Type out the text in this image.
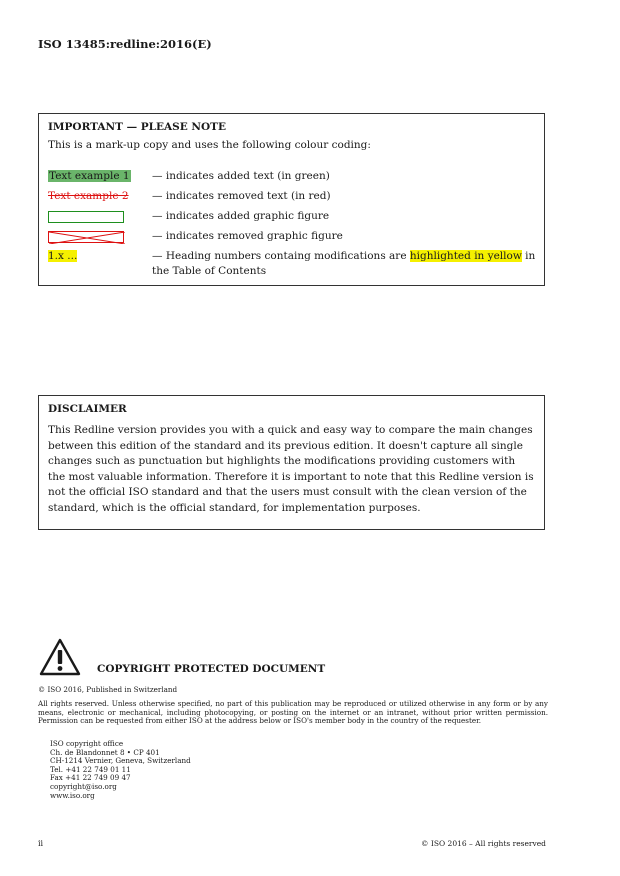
ISO 13485:redline:2016(E)
IMPORTANT — PLEASE NOTE
This is a mark-up copy and uses the following colour coding:
Text example 1 — indicates added text (in green)
Text example 2 — indicates removed text (in red)
— indicates added graphic figure
— indicates removed graphic figure
1.x ...	— Heading numbers containg modifications are highlighted in yellow in the Table of Contents
DISCLAIMER
This Redline version provides you with a quick and easy way to compare the main changes between this edition of the standard and its previous edition. It doesn't capture all single changes such as punctuation but highlights the modifications providing customers with the most valuable information. Therefore it is important to note that this Redline version is not the official ISO standard and that the users must consult with the clean version of the standard, which is the official standard, for implementation purposes.
COPYRIGHT PROTECTED DOCUMENT
© ISO 2016, Published in Switzerland
All rights reserved. Unless otherwise specified, no part of this publication may be reproduced or utilized otherwise in any form or by any means, electronic or mechanical, including photocopying, or posting on the internet or an intranet, without prior written permission. Permission can be requested from either ISO at the address below or ISO's member body in the country of the requester.
ISO copyright office
Ch. de Blandonnet 8 • CP 401
CH-1214 Vernier, Geneva, Switzerland
Tel. +41 22 749 01 11
Fax +41 22 749 09 47
copyright@iso.org
www.iso.org
ii	© ISO 2016 – All rights reserved
